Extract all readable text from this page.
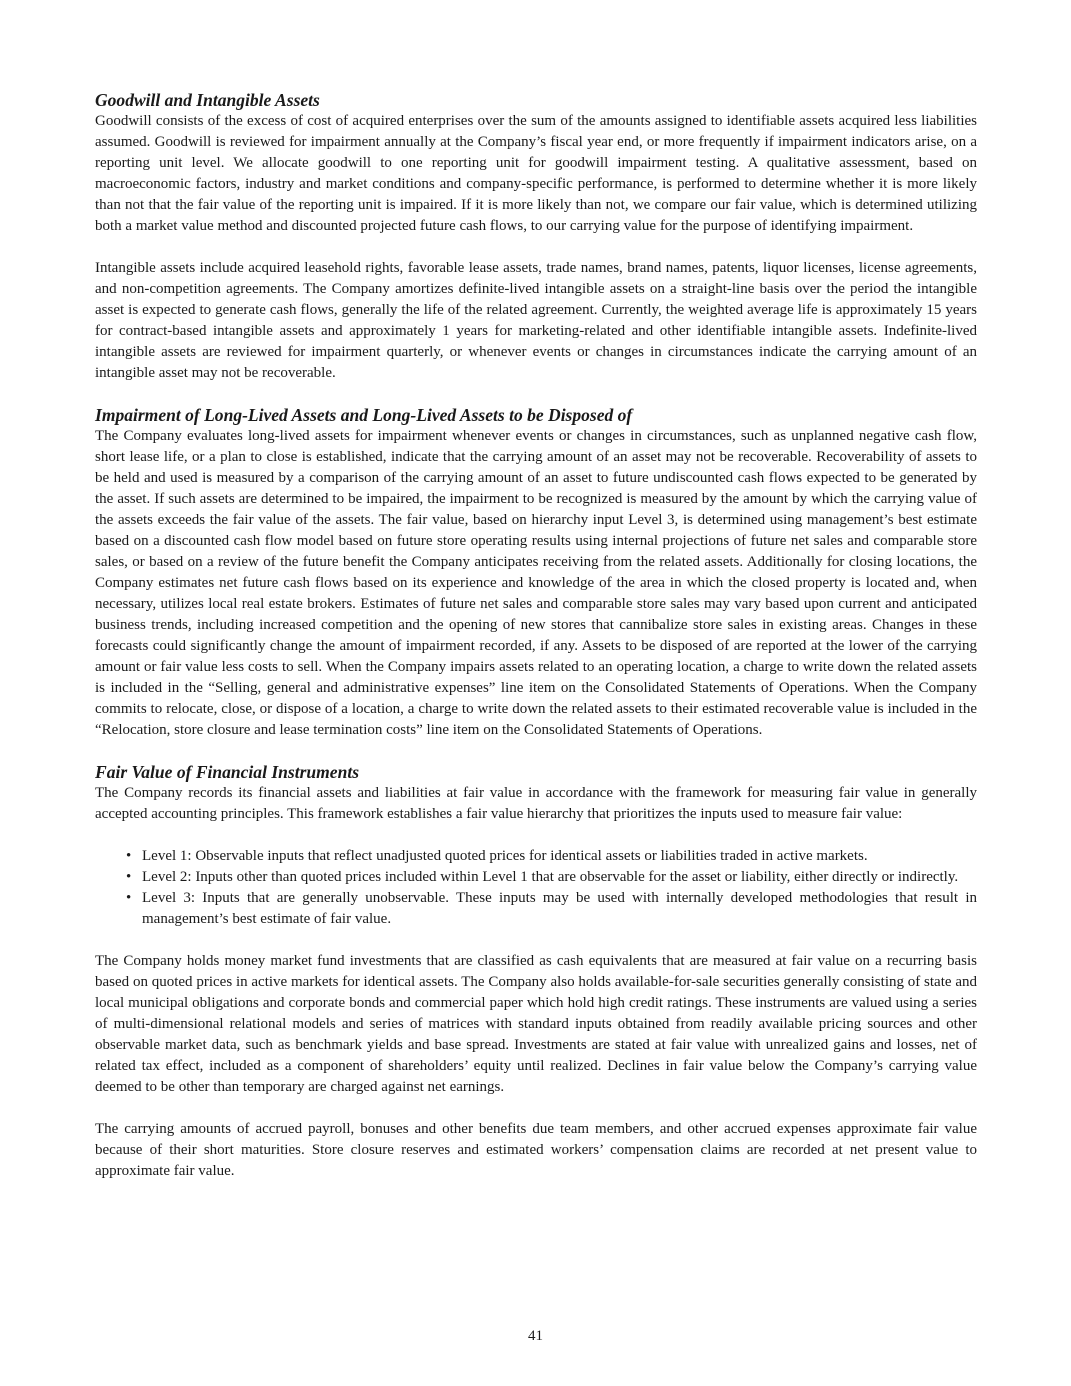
Goodwill and Intangible Assets

Goodwill consists of the excess of cost of acquired enterprises over the sum of the amounts assigned to identifiable assets acquired less liabilities assumed. Goodwill is reviewed for impairment annually at the Company’s fiscal year end, or more frequently if impairment indicators arise, on a reporting unit level. We allocate goodwill to one reporting unit for goodwill impairment testing. A qualitative assessment, based on macroeconomic factors, industry and market conditions and company-specific performance, is performed to determine whether it is more likely than not that the fair value of the reporting unit is impaired. If it is more likely than not, we compare our fair value, which is determined utilizing both a market value method and discounted projected future cash flows, to our carrying value for the purpose of identifying impairment.

Intangible assets include acquired leasehold rights, favorable lease assets, trade names, brand names, patents, liquor licenses, license agreements, and non-competition agreements. The Company amortizes definite-lived intangible assets on a straight-line basis over the period the intangible asset is expected to generate cash flows, generally the life of the related agreement. Currently, the weighted average life is approximately 15 years for contract-based intangible assets and approximately 1 years for marketing-related and other identifiable intangible assets. Indefinite-lived intangible assets are reviewed for impairment quarterly, or whenever events or changes in circumstances indicate the carrying amount of an intangible asset may not be recoverable.

Impairment of Long-Lived Assets and Long-Lived Assets to be Disposed of

The Company evaluates long-lived assets for impairment whenever events or changes in circumstances, such as unplanned negative cash flow, short lease life, or a plan to close is established, indicate that the carrying amount of an asset may not be recoverable. Recoverability of assets to be held and used is measured by a comparison of the carrying amount of an asset to future undiscounted cash flows expected to be generated by the asset. If such assets are determined to be impaired, the impairment to be recognized is measured by the amount by which the carrying value of the assets exceeds the fair value of the assets. The fair value, based on hierarchy input Level 3, is determined using management’s best estimate based on a discounted cash flow model based on future store operating results using internal projections of future net sales and comparable store sales, or based on a review of the future benefit the Company anticipates receiving from the related assets. Additionally for closing locations, the Company estimates net future cash flows based on its experience and knowledge of the area in which the closed property is located and, when necessary, utilizes local real estate brokers. Estimates of future net sales and comparable store sales may vary based upon current and anticipated business trends, including increased competition and the opening of new stores that cannibalize store sales in existing areas. Changes in these forecasts could significantly change the amount of impairment recorded, if any. Assets to be disposed of are reported at the lower of the carrying amount or fair value less costs to sell. When the Company impairs assets related to an operating location, a charge to write down the related assets is included in the “Selling, general and administrative expenses” line item on the Consolidated Statements of Operations. When the Company commits to relocate, close, or dispose of a location, a charge to write down the related assets to their estimated recoverable value is included in the “Relocation, store closure and lease termination costs” line item on the Consolidated Statements of Operations.

Fair Value of Financial Instruments

The Company records its financial assets and liabilities at fair value in accordance with the framework for measuring fair value in generally accepted accounting principles. This framework establishes a fair value hierarchy that prioritizes the inputs used to measure fair value:

• Level 1: Observable inputs that reflect unadjusted quoted prices for identical assets or liabilities traded in active markets.
• Level 2: Inputs other than quoted prices included within Level 1 that are observable for the asset or liability, either directly or indirectly.
• Level 3: Inputs that are generally unobservable. These inputs may be used with internally developed methodologies that result in management’s best estimate of fair value.

The Company holds money market fund investments that are classified as cash equivalents that are measured at fair value on a recurring basis based on quoted prices in active markets for identical assets. The Company also holds available-for-sale securities generally consisting of state and local municipal obligations and corporate bonds and commercial paper which hold high credit ratings. These instruments are valued using a series of multi-dimensional relational models and series of matrices with standard inputs obtained from readily available pricing sources and other observable market data, such as benchmark yields and base spread. Investments are stated at fair value with unrealized gains and losses, net of related tax effect, included as a component of shareholders’ equity until realized. Declines in fair value below the Company’s carrying value deemed to be other than temporary are charged against net earnings.

The carrying amounts of accrued payroll, bonuses and other benefits due team members, and other accrued expenses approximate fair value because of their short maturities. Store closure reserves and estimated workers’ compensation claims are recorded at net present value to approximate fair value.

41
